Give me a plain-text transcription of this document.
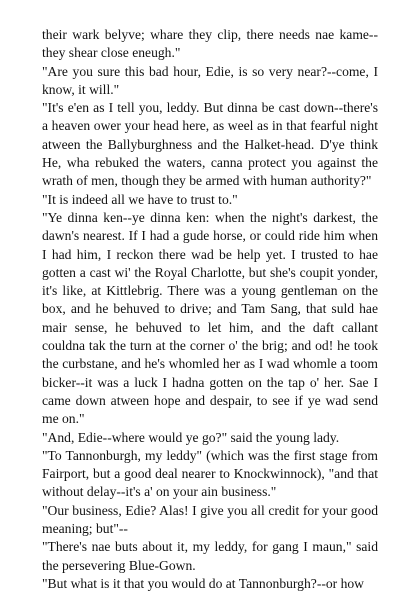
their wark belyve; whare they clip, there needs nae kame--they shear close eneugh."

"Are you sure this bad hour, Edie, is so very near?--come, I know, it will."

"It's e'en as I tell you, leddy. But dinna be cast down--there's a heaven ower your head here, as weel as in that fearful night atween the Ballyburghness and the Halket-head. D'ye think He, wha rebuked the waters, canna protect you against the wrath of men, though they be armed with human authority?"

"It is indeed all we have to trust to."

"Ye dinna ken--ye dinna ken: when the night's darkest, the dawn's nearest. If I had a gude horse, or could ride him when I had him, I reckon there wad be help yet. I trusted to hae gotten a cast wi' the Royal Charlotte, but she's coupit yonder, it's like, at Kittlebrig. There was a young gentleman on the box, and he behuved to drive; and Tam Sang, that suld hae mair sense, he behuved to let him, and the daft callant couldna tak the turn at the corner o' the brig; and od! he took the curbstane, and he's whomled her as I wad whomle a toom bicker--it was a luck I hadna gotten on the tap o' her. Sae I came down atween hope and despair, to see if ye wad send me on."

"And, Edie--where would ye go?" said the young lady.

"To Tannonburgh, my leddy" (which was the first stage from Fairport, but a good deal nearer to Knockwinnock), "and that without delay--it's a' on your ain business."

"Our business, Edie? Alas! I give you all credit for your good meaning; but"--

"There's nae buts about it, my leddy, for gang I maun," said the persevering Blue-Gown.

"But what is it that you would do at Tannonburgh?--or how
